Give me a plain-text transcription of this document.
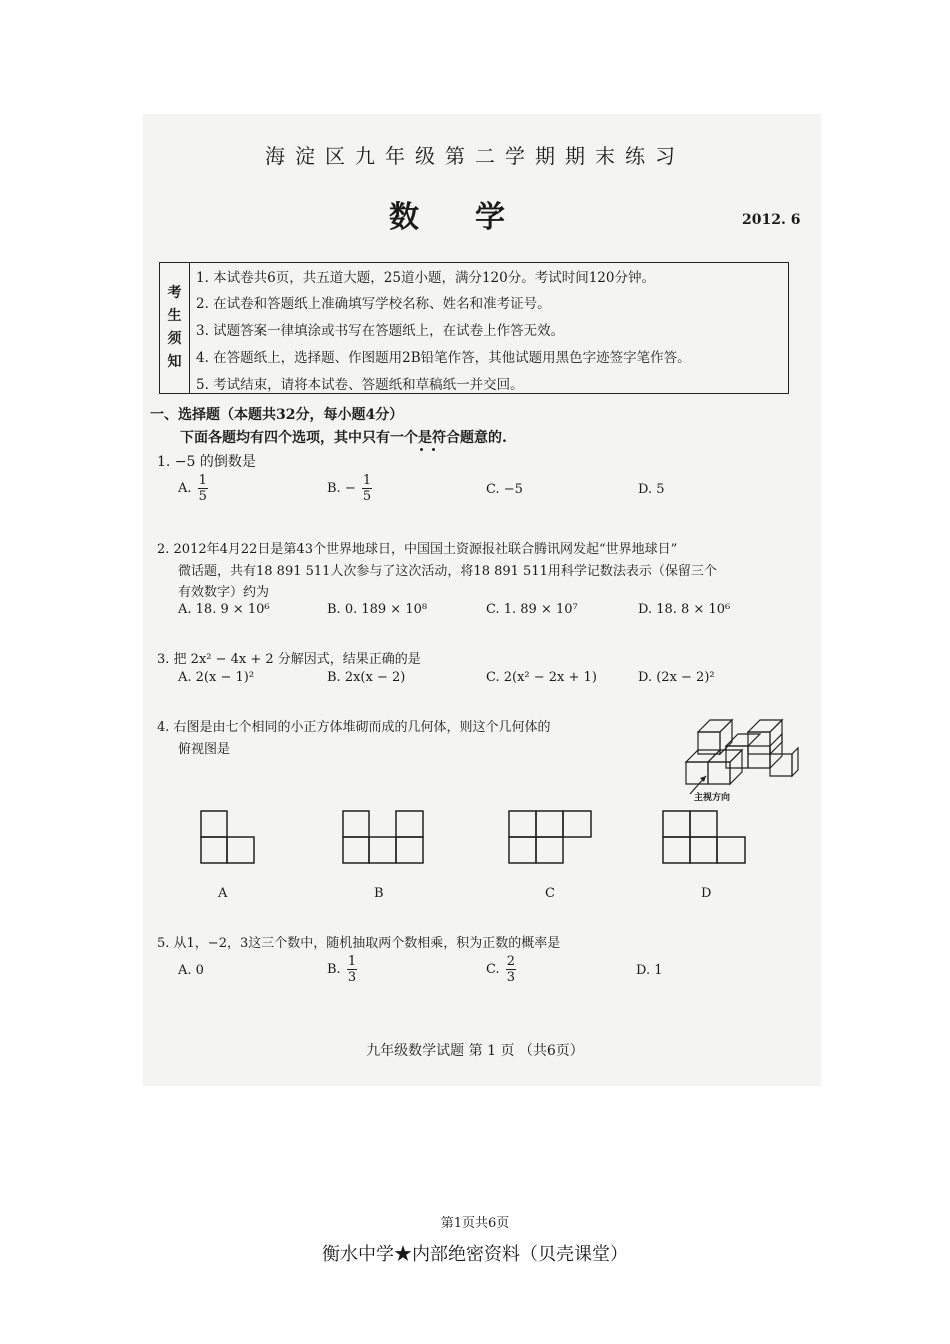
海淀区九年级第二学期期末练习
数学	2012. 6
考
生
须
知
1. 本试卷共6页，共五道大题，25道小题，满分120分。考试时间120分钟。
2. 在试卷和答题纸上准确填写学校名称、姓名和准考证号。
3. 试题答案一律填涂或书写在答题纸上，在试卷上作答无效。
4. 在答题纸上，选择题、作图题用2B铅笔作答，其他试题用黑色字迹签字笔作答。
5. 考试结束，请将本试卷、答题纸和草稿纸一并交回。
一、选择题（本题共32分，每小题4分）
下面各题均有四个选项，其中只有一个是符合题意的.
1. −5 的倒数是
A. $\frac{1}{5}$	B. − $\frac{1}{5}$	C. −5	D. 5
2. 2012年4月22日是第43个世界地球日，中国国土资源报社联合腾讯网发起“世界地球日”
微话题，共有18 891 511人次参与了这次活动，将18 891 511用科学记数法表示（保留三个
有效数字）约为
A. 18. 9 × 10⁶	B. 0. 189 × 10⁸	C. 1. 89 × 10⁷	D. 18. 8 × 10⁶
3. 把 2x² − 4x + 2 分解因式，结果正确的是
A. 2(x − 1)²	B. 2x(x − 2)	C. 2(x² − 2x + 1)	D. (2x − 2)²
4. 右图是由七个相同的小正方体堆砌而成的几何体，则这个几何体的
俯视图是
主视方向
A	B	C	D
5. 从1，−2，3这三个数中，随机抽取两个数相乘，积为正数的概率是
A. 0	B. $\frac{1}{3}$	C. $\frac{2}{3}$	D. 1
九年级数学试题 第 1 页 （共6页）
第1页共6页
衡水中学★内部绝密资料（贝壳课堂）
